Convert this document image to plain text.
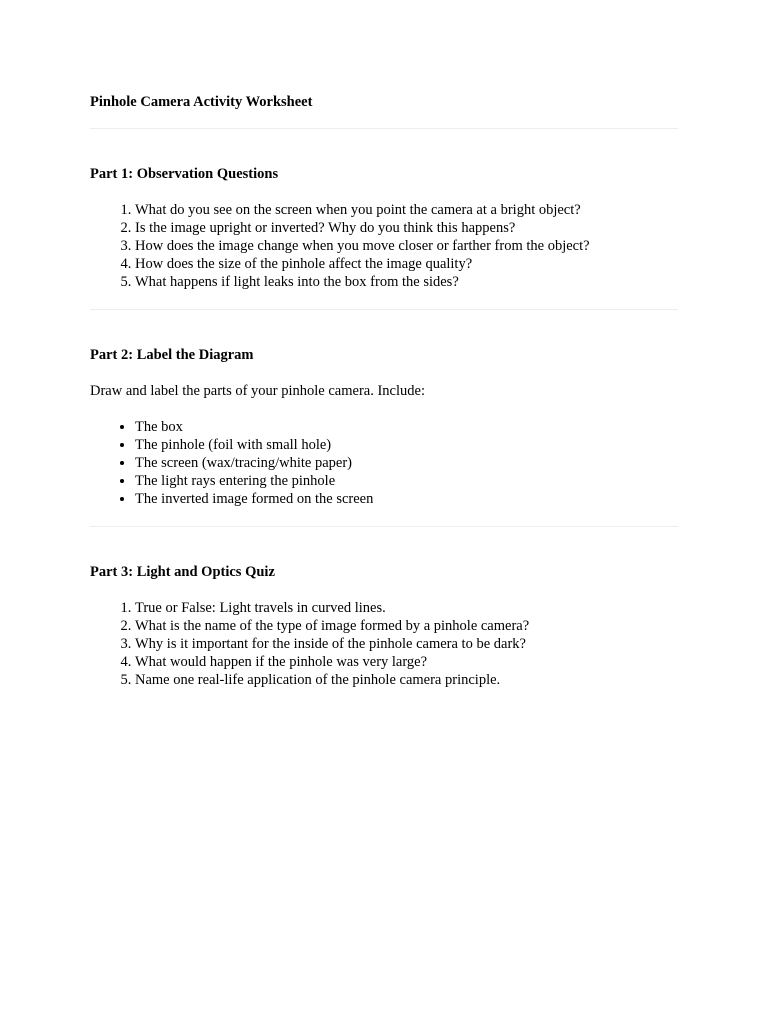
Pinhole Camera Activity Worksheet

Part 1: Observation Questions

1. What do you see on the screen when you point the camera at a bright object?
2. Is the image upright or inverted? Why do you think this happens?
3. How does the image change when you move closer or farther from the object?
4. How does the size of the pinhole affect the image quality?
5. What happens if light leaks into the box from the sides?

Part 2: Label the Diagram

Draw and label the parts of your pinhole camera. Include:

• The box
• The pinhole (foil with small hole)
• The screen (wax/tracing/white paper)
• The light rays entering the pinhole
• The inverted image formed on the screen

Part 3: Light and Optics Quiz

1. True or False: Light travels in curved lines.
2. What is the name of the type of image formed by a pinhole camera?
3. Why is it important for the inside of the pinhole camera to be dark?
4. What would happen if the pinhole was very large?
5. Name one real-life application of the pinhole camera principle.
